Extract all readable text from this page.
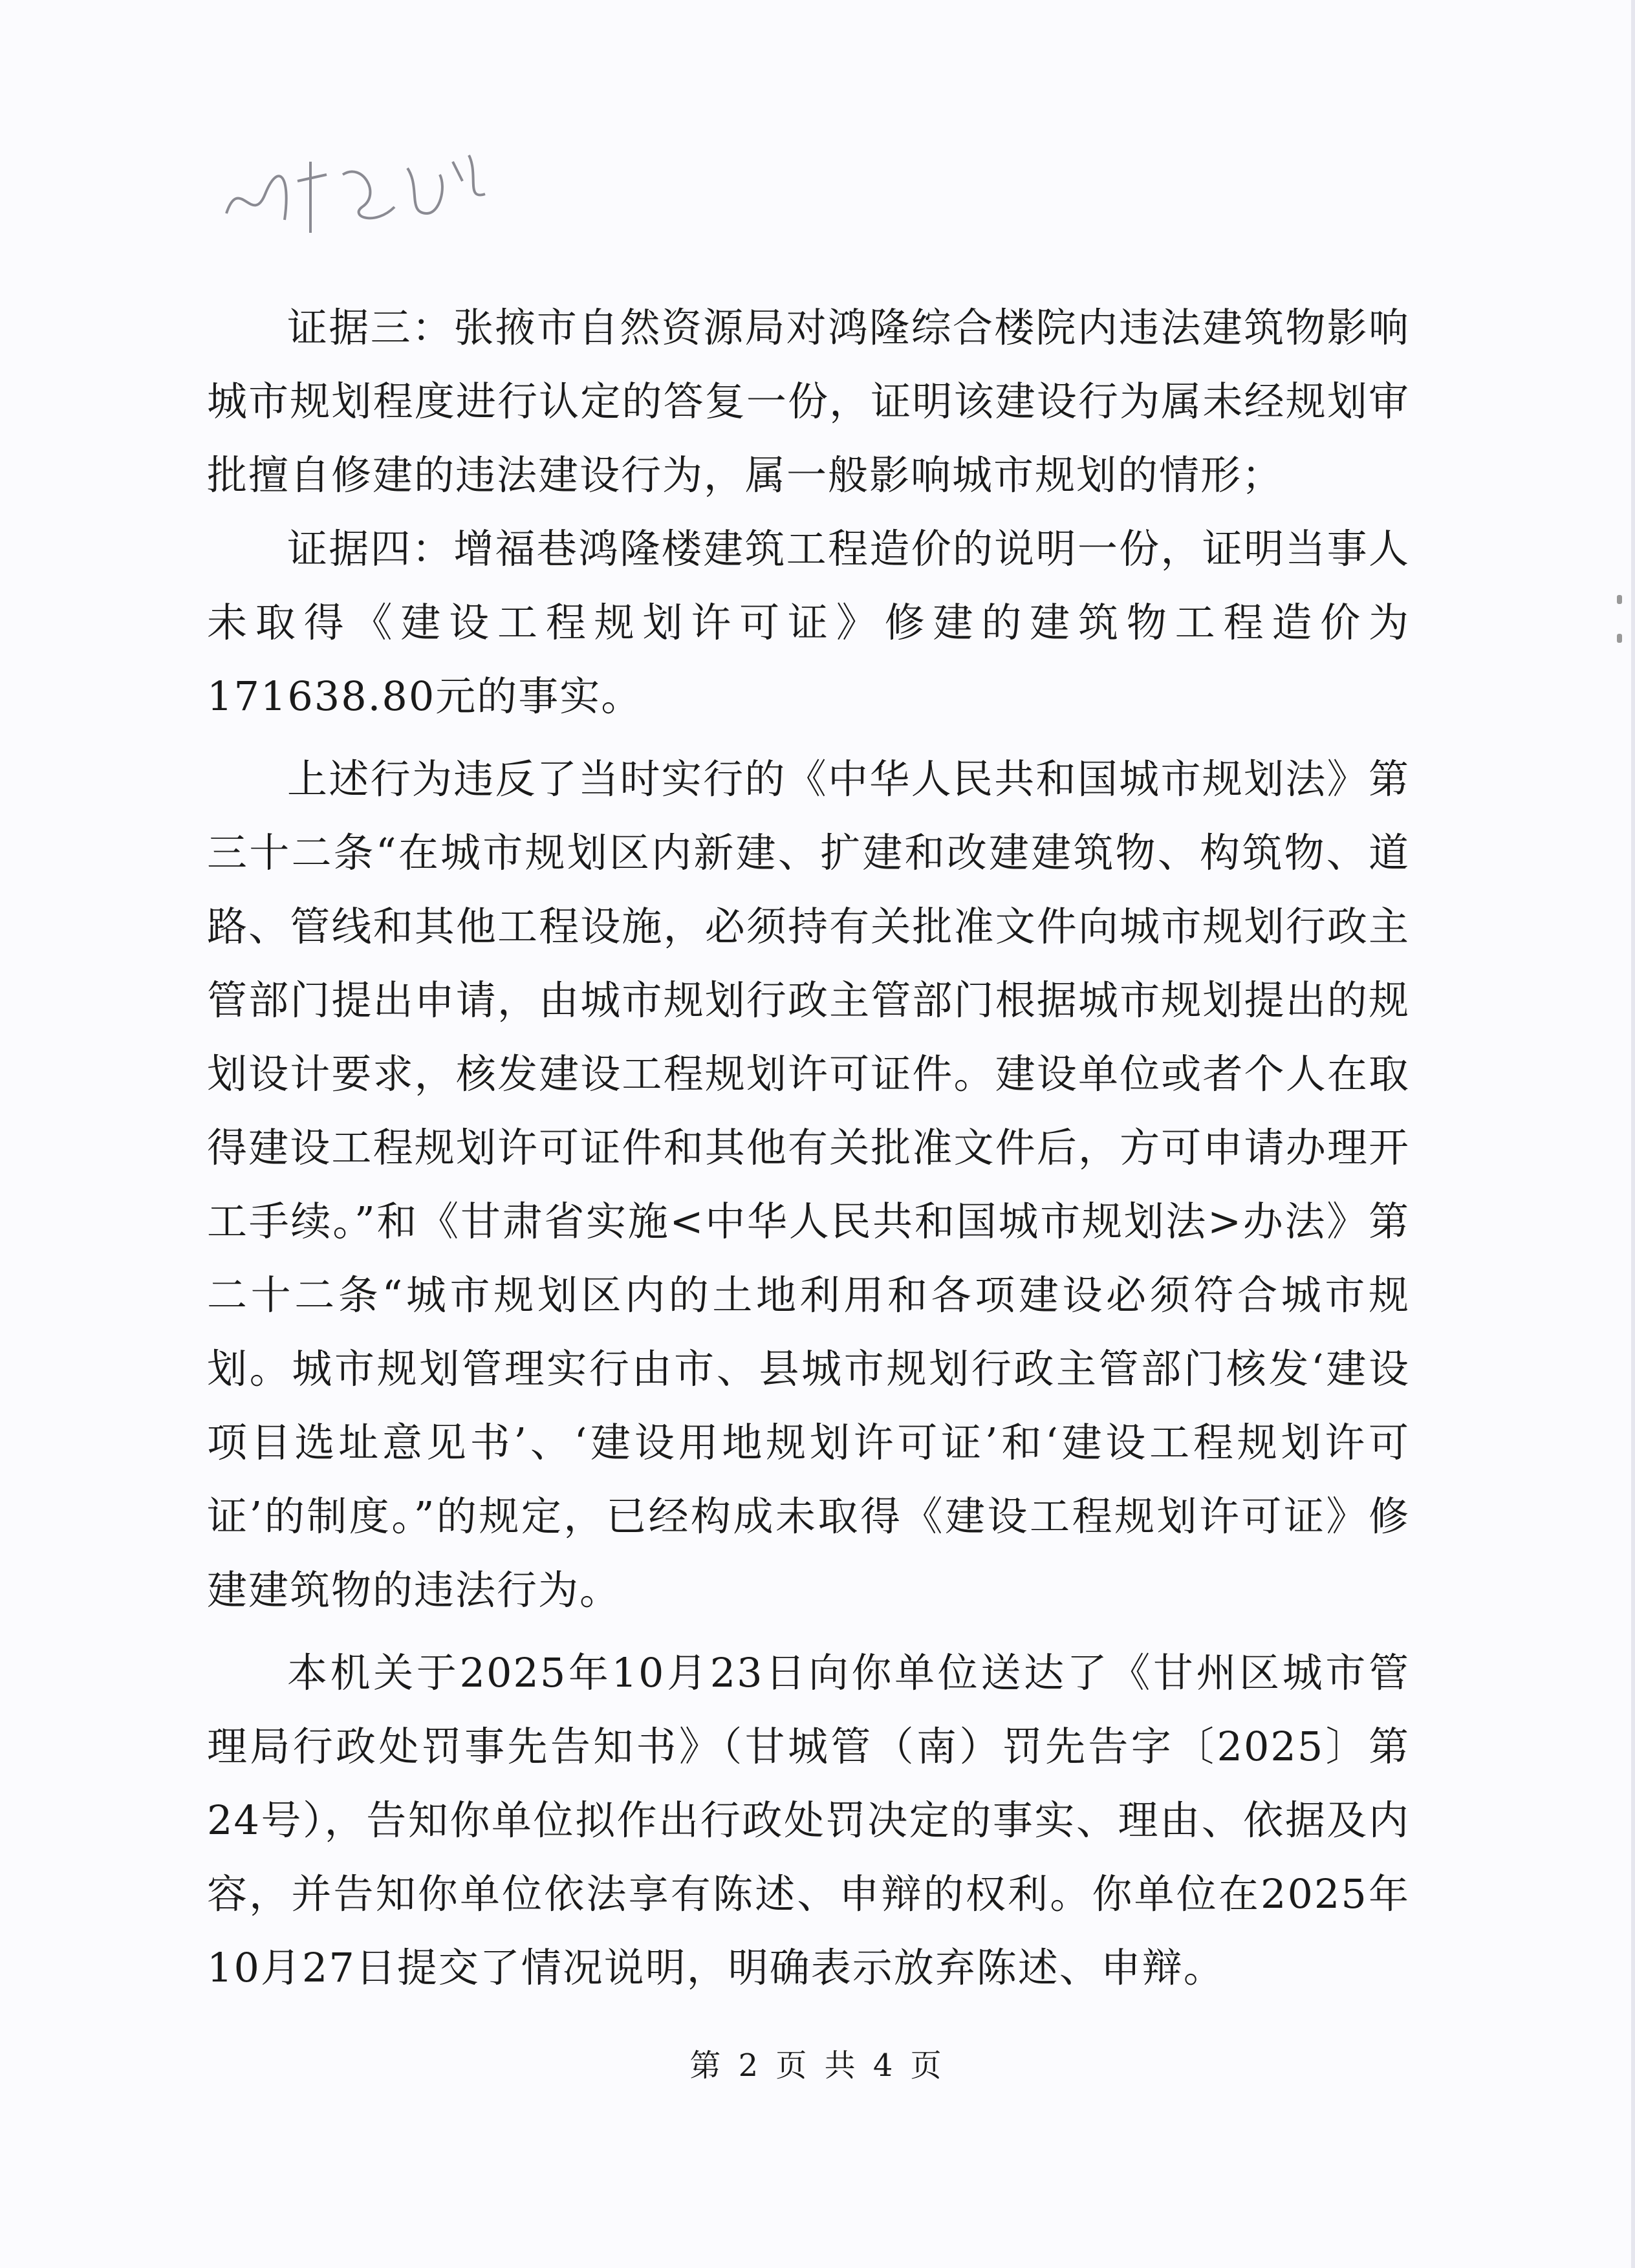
证据三：张掖市自然资源局对鸿隆综合楼院内违法建筑物影响城市规划程度进行认定的答复一份，证明该建设行为属未经规划审批擅自修建的违法建设行为，属一般影响城市规划的情形；

证据四：增福巷鸿隆楼建筑工程造价的说明一份，证明当事人未取得《建设工程规划许可证》修建的建筑物工程造价为171638.80元的事实。

上述行为违反了当时实行的《中华人民共和国城市规划法》第三十二条“在城市规划区内新建、扩建和改建建筑物、构筑物、道路、管线和其他工程设施，必须持有关批准文件向城市规划行政主管部门提出申请，由城市规划行政主管部门根据城市规划提出的规划设计要求，核发建设工程规划许可证件。建设单位或者个人在取得建设工程规划许可证件和其他有关批准文件后，方可申请办理开工手续。”和《甘肃省实施<中华人民共和国城市规划法>办法》第二十二条“城市规划区内的土地利用和各项建设必须符合城市规划。城市规划管理实行由市、县城市规划行政主管部门核发‘建设项目选址意见书’、‘建设用地规划许可证’和‘建设工程规划许可证’的制度。”的规定，已经构成未取得《建设工程规划许可证》修建建筑物的违法行为。

本机关于2025年10月23日向你单位送达了《甘州区城市管理局行政处罚事先告知书》（甘城管（南）罚先告字〔2025〕第24号），告知你单位拟作出行政处罚决定的事实、理由、依据及内容，并告知你单位依法享有陈述、申辩的权利。你单位在2025年10月27日提交了情况说明，明确表示放弃陈述、申辩。

第 2 页 共 4 页
